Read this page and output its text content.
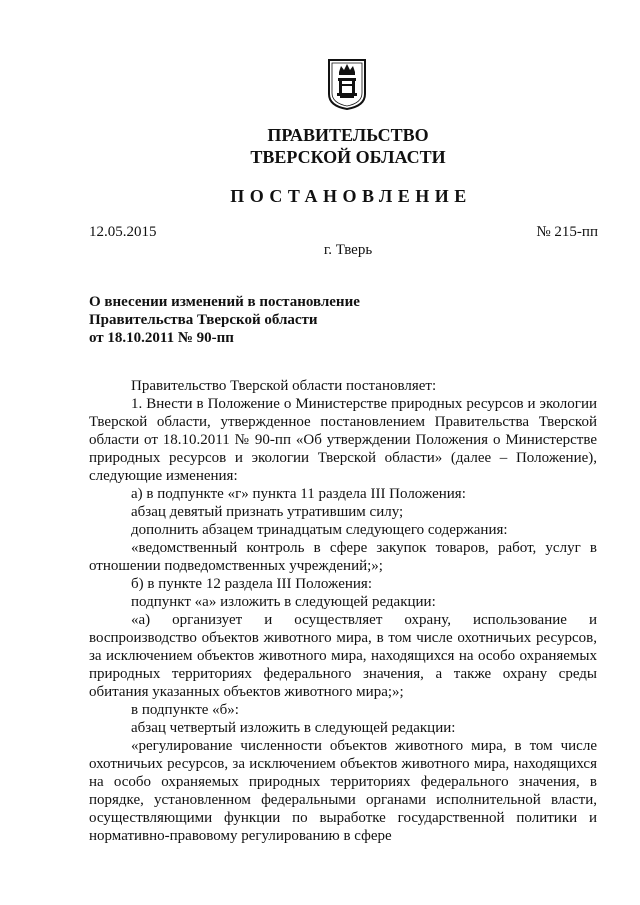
ПРАВИТЕЛЬСТВО
ТВЕРСКОЙ ОБЛАСТИ
ПОСТАНОВЛЕНИЕ
12.05.2015	№ 215-пп
г. Тверь
О внесении изменений в постановление
Правительства Тверской области
от 18.10.2011 № 90-пп

Правительство Тверской области постановляет:

1. Внести в Положение о Министерстве природных ресурсов и экологии Тверской области, утвержденное постановлением Правительства Тверской области от 18.10.2011 № 90-пп «Об утверждении Положения о Министерстве природных ресурсов и экологии Тверской области» (далее – Положение), следующие изменения:

а) в подпункте «г» пункта 11 раздела III Положения:

абзац девятый признать утратившим силу;

дополнить абзацем тринадцатым следующего содержания:

«ведомственный контроль в сфере закупок товаров, работ, услуг в отношении подведомственных учреждений;»;

б) в пункте 12 раздела III Положения:

подпункт «а» изложить в следующей редакции:

«а) организует и осуществляет охрану, использование и воспроизводство объектов животного мира, в том числе охотничьих ресурсов, за исключением объектов животного мира, находящихся на особо охраняемых природных территориях федерального значения, а также охрану среды обитания указанных объектов животного мира;»;

в подпункте «б»:

абзац четвертый изложить в следующей редакции:

«регулирование численности объектов животного мира, в том числе охотничьих ресурсов, за исключением объектов животного мира, находящихся на особо охраняемых природных территориях федерального значения, в порядке, установленном федеральными органами исполнительной власти, осуществляющими функции по выработке государственной политики и нормативно-правовому регулированию в сфере
